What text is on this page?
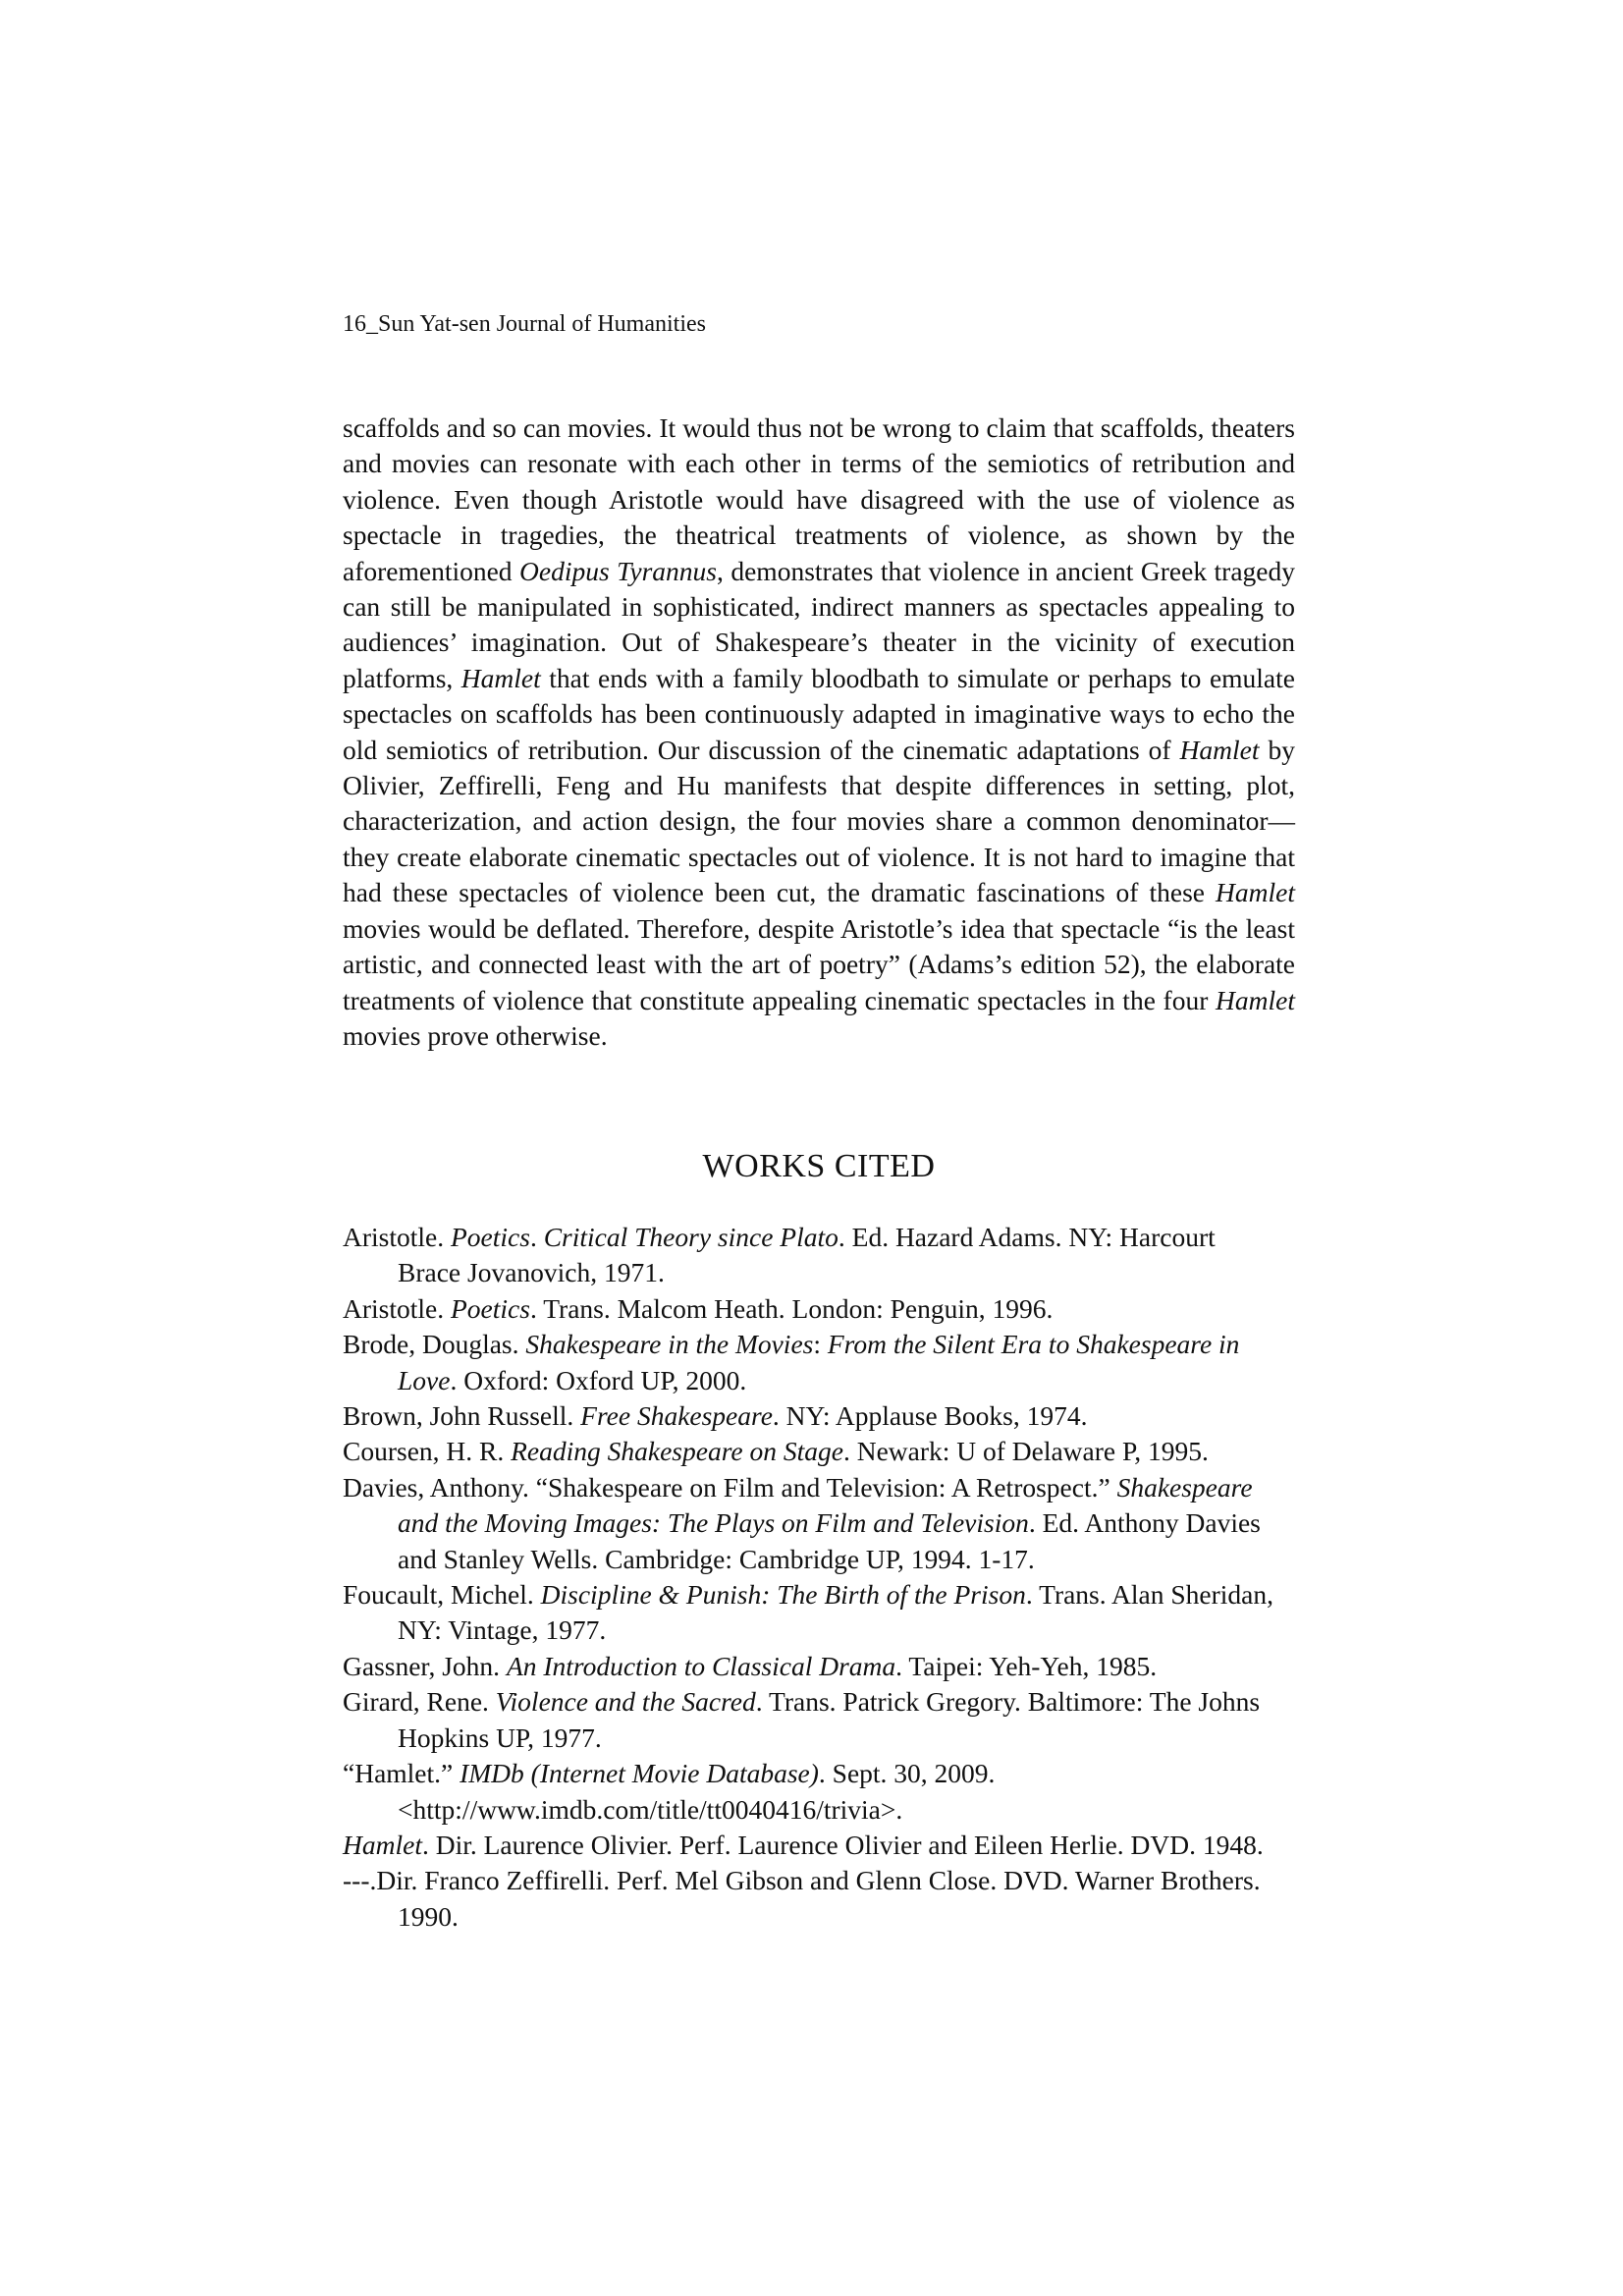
16_Sun Yat-sen Journal of Humanities

scaffolds and so can movies. It would thus not be wrong to claim that scaffolds, theaters and movies can resonate with each other in terms of the semiotics of retribution and violence. Even though Aristotle would have disagreed with the use of violence as spectacle in tragedies, the theatrical treatments of violence, as shown by the aforementioned Oedipus Tyrannus, demonstrates that violence in ancient Greek tragedy can still be manipulated in sophisticated, indirect manners as spectacles appealing to audiences’ imagination. Out of Shakespeare’s theater in the vicinity of execution platforms, Hamlet that ends with a family bloodbath to simulate or perhaps to emulate spectacles on scaffolds has been continuously adapted in imaginative ways to echo the old semiotics of retribution. Our discussion of the cinematic adaptations of Hamlet by Olivier, Zeffirelli, Feng and Hu manifests that despite differences in setting, plot, characterization, and action design, the four movies share a common denominator—they create elaborate cinematic spectacles out of violence. It is not hard to imagine that had these spectacles of violence been cut, the dramatic fascinations of these Hamlet movies would be deflated. Therefore, despite Aristotle’s idea that spectacle “is the least artistic, and connected least with the art of poetry” (Adams’s edition 52), the elaborate treatments of violence that constitute appealing cinematic spectacles in the four Hamlet movies prove otherwise.

WORKS CITED
Aristotle. Poetics. Critical Theory since Plato. Ed. Hazard Adams. NY: Harcourt
Brace Jovanovich, 1971.
Aristotle. Poetics. Trans. Malcom Heath. London: Penguin, 1996.
Brode, Douglas. Shakespeare in the Movies: From the Silent Era to Shakespeare in
Love. Oxford: Oxford UP, 2000.
Brown, John Russell. Free Shakespeare. NY: Applause Books, 1974.
Coursen, H. R. Reading Shakespeare on Stage. Newark: U of Delaware P, 1995.
Davies, Anthony. “Shakespeare on Film and Television: A Retrospect.” Shakespeare
and the Moving Images: The Plays on Film and Television. Ed. Anthony Davies
and Stanley Wells. Cambridge: Cambridge UP, 1994. 1-17.
Foucault, Michel. Discipline & Punish: The Birth of the Prison. Trans. Alan Sheridan,
NY: Vintage, 1977.
Gassner, John. An Introduction to Classical Drama. Taipei: Yeh-Yeh, 1985.
Girard, Rene. Violence and the Sacred. Trans. Patrick Gregory. Baltimore: The Johns
Hopkins UP, 1977.
“Hamlet.” IMDb (Internet Movie Database). Sept. 30, 2009.
<http://www.imdb.com/title/tt0040416/trivia>.
Hamlet. Dir. Laurence Olivier. Perf. Laurence Olivier and Eileen Herlie. DVD. 1948.
---.Dir. Franco Zeffirelli. Perf. Mel Gibson and Glenn Close. DVD. Warner Brothers.
1990.
